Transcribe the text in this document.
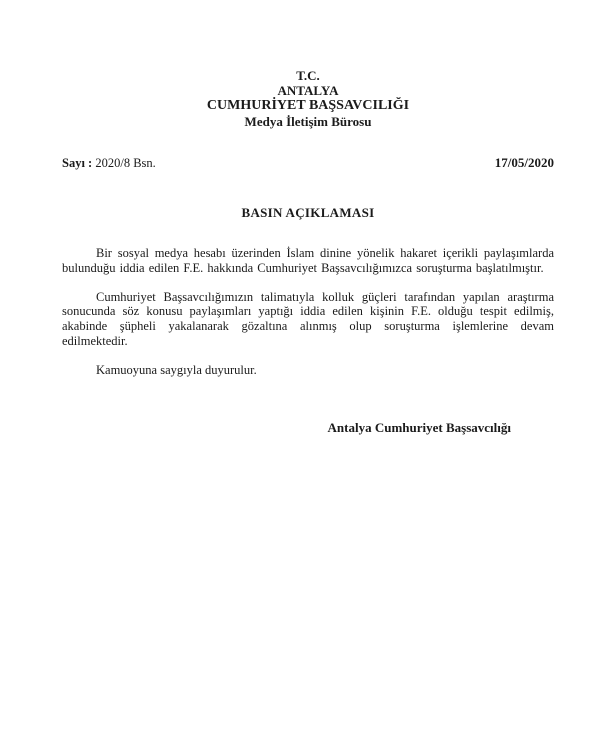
T.C.
ANTALYA
CUMHURİYET BAŞSAVCILIĞI
Medya İletişim Bürosu
Sayı : 2020/8 Bsn.	17/05/2020
BASIN AÇIKLAMASI

Bir sosyal medya hesabı üzerinden İslam dinine yönelik hakaret içerikli paylaşımlarda bulunduğu iddia edilen F.E. hakkında Cumhuriyet Başsavcılığımızca soruşturma başlatılmıştır.

Cumhuriyet Başsavcılığımızın talimatıyla kolluk güçleri tarafından yapılan araştırma sonucunda söz konusu paylaşımları yaptığı iddia edilen kişinin F.E. olduğu tespit edilmiş, akabinde şüpheli yakalanarak gözaltına alınmış olup soruşturma işlemlerine devam edilmektedir.

Kamuoyuna saygıyla duyurulur.

Antalya Cumhuriyet Başsavcılığı
